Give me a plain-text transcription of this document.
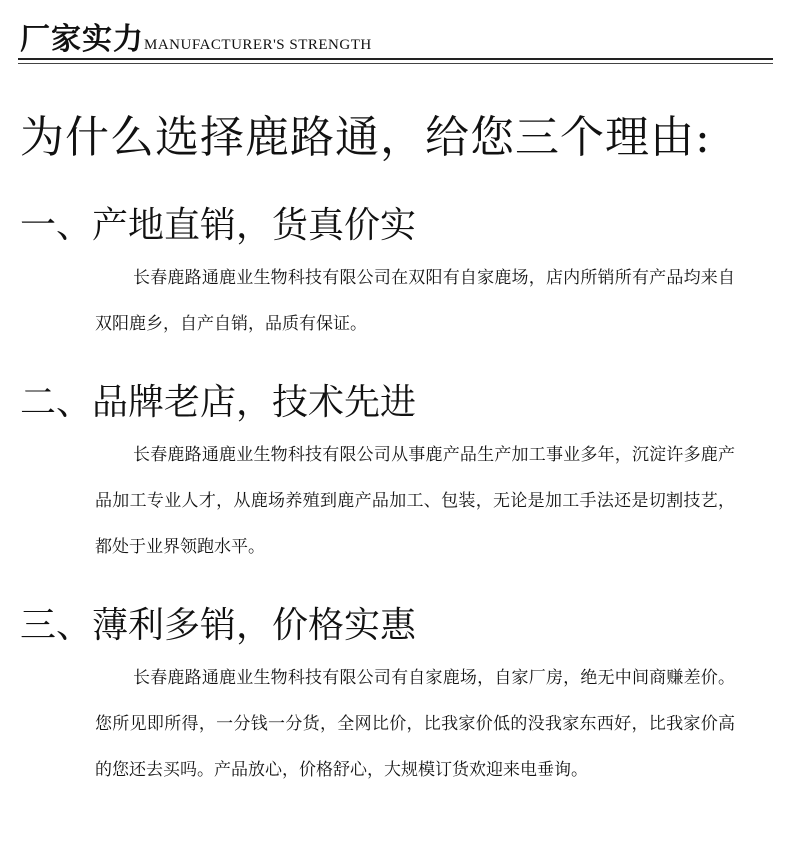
厂家实力 MANUFACTURER'S STRENGTH
为什么选择鹿路通，给您三个理由:
一、产地直销，货真价实
长春鹿路通鹿业生物科技有限公司在双阳有自家鹿场，店内所销所有产品均来自双阳鹿乡，自产自销，品质有保证。
二、品牌老店，技术先进
长春鹿路通鹿业生物科技有限公司从事鹿产品生产加工事业多年，沉淀许多鹿产品加工专业人才，从鹿场养殖到鹿产品加工、包装，无论是加工手法还是切割技艺，都处于业界领跑水平。
三、薄利多销，价格实惠
长春鹿路通鹿业生物科技有限公司有自家鹿场，自家厂房，绝无中间商赚差价。您所见即所得，一分钱一分货，全网比价，比我家价低的没我家东西好，比我家价高的您还去买吗。产品放心，价格舒心，大规模订货欢迎来电垂询。
